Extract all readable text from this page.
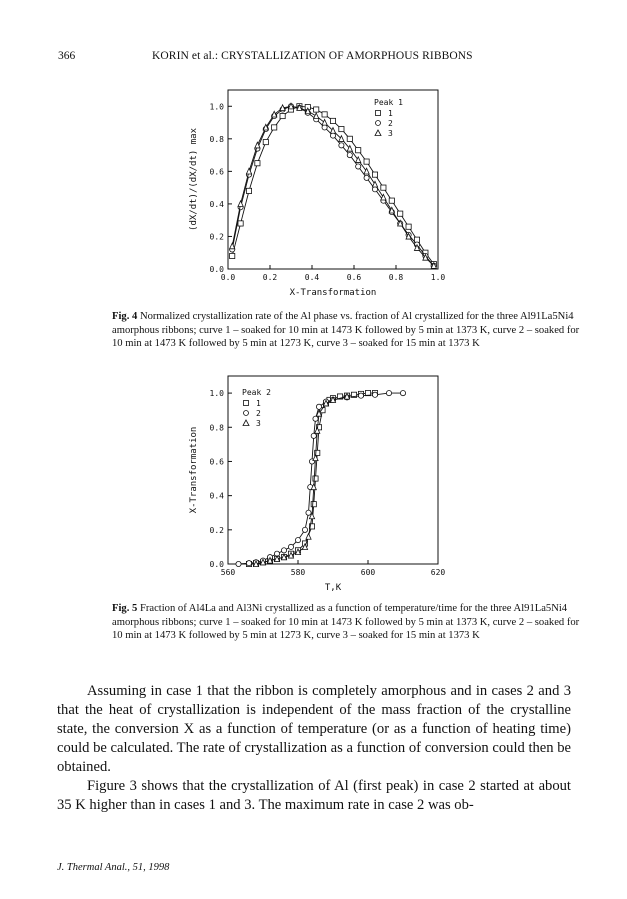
366	KORIN et al.: CRYSTALLIZATION OF AMORPHOUS RIBBONS
0.0	0.2	0.4	0.6	0.8	1.0
0.0
0.2
0.4
0.6
0.8
1.0
X-Transformation
(dX/dt)/(dX/dt) max
Peak 1
1
2
3
Fig. 4 Normalized crystallization rate of the Al phase vs. fraction of Al crystallized for the three Al91La5Ni4 amorphous ribbons; curve 1 – soaked for 10 min at 1473 K followed by 5 min at 1373 K, curve 2 – soaked for 10 min at 1473 K followed by 5 min at 1273 K, curve 3 – soaked for 15 min at 1373 K
560	580	600	620
0.0
0.2
0.4
0.6
0.8
1.0
T,K
X-Transformation
Peak 2
1
2
3
Fig. 5 Fraction of Al4La and Al3Ni crystallized as a function of temperature/time for the three Al91La5Ni4 amorphous ribbons; curve 1 – soaked for 10 min at 1473 K followed by 5 min at 1373 K, curve 2 – soaked for 10 min at 1473 K followed by 5 min at 1273 K, curve 3 – soaked for 15 min at 1373 K

Assuming in case 1 that the ribbon is completely amorphous and in cases 2 and 3 that the heat of crystallization is independent of the mass fraction of the crystalline state, the conversion X as a function of temperature (or as a function of heating time) could be calculated. The rate of crystallization as a function of conversion could then be obtained.

Figure 3 shows that the crystallization of Al (first peak) in case 2 started at about 35 K higher than in cases 1 and 3. The maximum rate in case 2 was ob-

J. Thermal Anal., 51, 1998
